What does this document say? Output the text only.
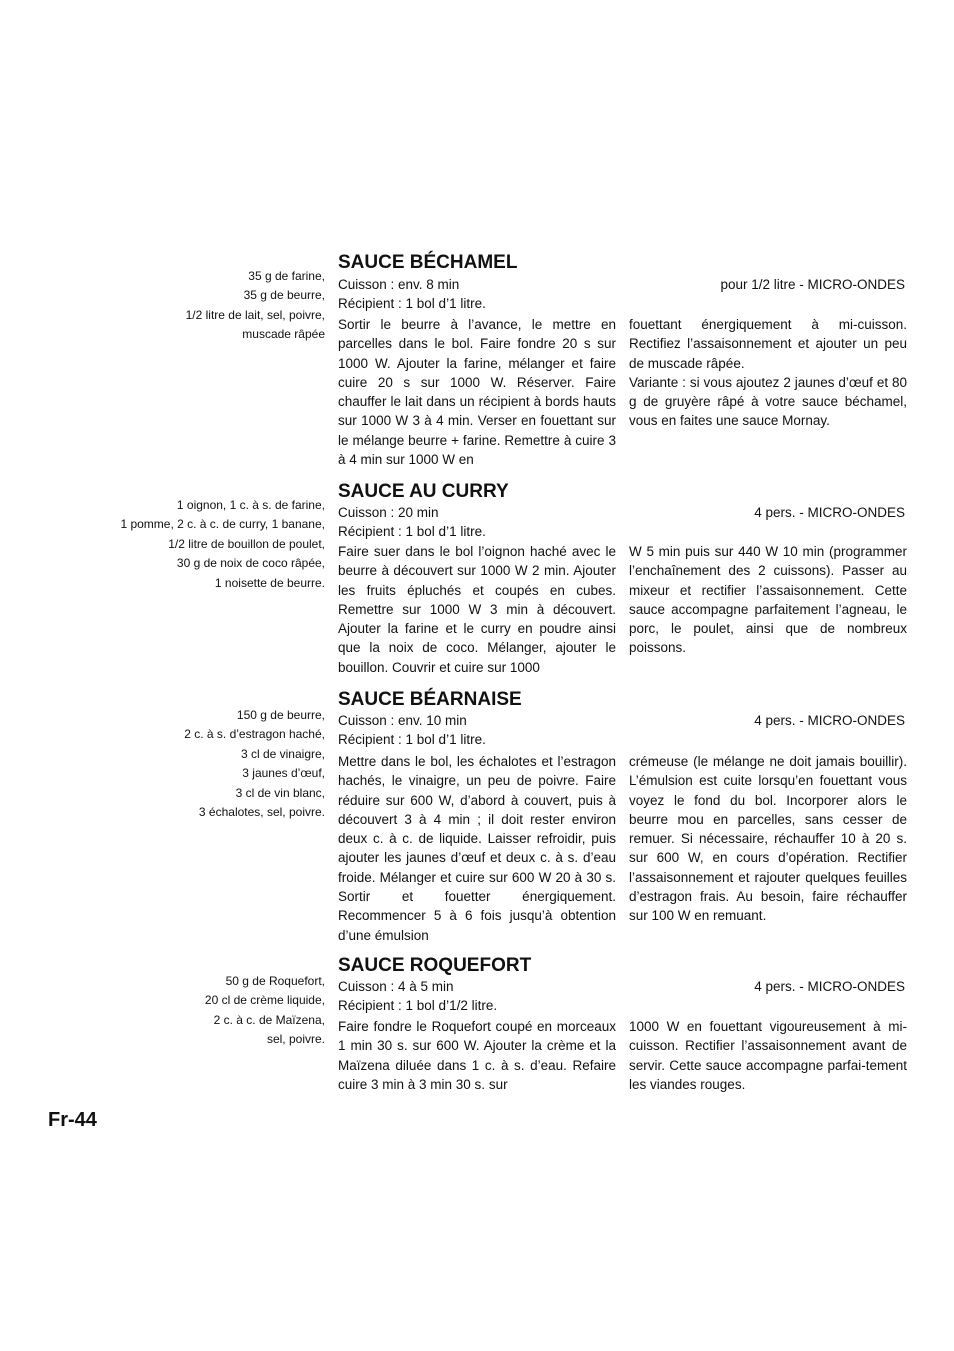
35 g de farine,
35 g de beurre,
1/2 litre de lait, sel, poivre,
muscade râpée
SAUCE BÉCHAMEL
Cuisson : env. 8 min	pour 1/2 litre - MICRO-ONDES
Récipient : 1 bol d’1 litre.

Sortir le beurre à l’avance, le mettre en parcelles dans le bol. Faire fondre 20 s sur 1000 W. Ajouter la farine, mélanger et faire cuire 20 s sur 1000 W. Réserver. Faire chauffer le lait dans un récipient à bords hauts sur 1000 W 3 à 4 min. Verser en fouettant sur le mélange beurre + farine. Remettre à cuire 3 à 4 min sur 1000 W en

fouettant énergiquement à mi-cuisson. Rectifiez l’assaisonnement et ajouter un peu de muscade râpée.

Variante : si vous ajoutez 2 jaunes d’œuf et 80 g de gruyère râpé à votre sauce béchamel, vous en faites une sauce Mornay.

1 oignon, 1 c. à s. de farine,
1 pomme, 2 c. à c. de curry, 1 banane,
1/2 litre de bouillon de poulet,
30 g de noix de coco râpée,
1 noisette de beurre.
SAUCE AU CURRY
Cuisson : 20 min	4 pers. - MICRO-ONDES
Récipient : 1 bol d’1 litre.

Faire suer dans le bol l’oignon haché avec le beurre à découvert sur 1000 W 2 min. Ajouter les fruits épluchés et coupés en cubes. Remettre sur 1000 W 3 min à découvert. Ajouter la farine et le curry en poudre ainsi que la noix de coco. Mélanger, ajouter le bouillon. Couvrir et cuire sur 1000

W 5 min puis sur 440 W 10 min (programmer l’enchaînement des 2 cuissons). Passer au mixeur et rectifier l’assaisonnement. Cette sauce accompagne parfaitement l’agneau, le porc, le poulet, ainsi que de nombreux poissons.

150 g de beurre,
2 c. à s. d’estragon haché,
3 cl de vinaigre,
3 jaunes d’œuf,
3 cl de vin blanc,
3 échalotes, sel, poivre.
SAUCE BÉARNAISE
Cuisson : env. 10 min	4 pers. - MICRO-ONDES
Récipient : 1 bol d’1 litre.

Mettre dans le bol, les échalotes et l’estragon hachés, le vinaigre, un peu de poivre. Faire réduire sur 600 W, d’abord à couvert, puis à découvert 3 à 4 min ; il doit rester environ deux c. à c. de liquide. Laisser refroidir, puis ajouter les jaunes d’œuf et deux c. à s. d’eau froide. Mélanger et cuire sur 600 W 20 à 30 s. Sortir et fouetter énergiquement. Recommencer 5 à 6 fois jusqu’à obtention d’une émulsion

crémeuse (le mélange ne doit jamais bouillir). L’émulsion est cuite lorsqu’en fouettant vous voyez le fond du bol. Incorporer alors le beurre mou en parcelles, sans cesser de remuer. Si nécessaire, réchauffer 10 à 20 s. sur 600 W, en cours d’opération. Rectifier l’assaisonnement et rajouter quelques feuilles d’estragon frais. Au besoin, faire réchauffer sur 100 W en remuant.

50 g de Roquefort,
20 cl de crème liquide,
2 c. à c. de Maïzena,
sel, poivre.
SAUCE ROQUEFORT
Cuisson : 4 à 5 min	4 pers. - MICRO-ONDES
Récipient : 1 bol d’1/2 litre.

Faire fondre le Roquefort coupé en morceaux 1 min 30 s. sur 600 W. Ajouter la crème et la Maïzena diluée dans 1 c. à s. d’eau. Refaire cuire 3 min à 3 min 30 s. sur

1000 W en fouettant vigoureusement à mi-cuisson. Rectifier l’assaisonnement avant de servir. Cette sauce accompagne parfai-tement les viandes rouges.

Fr-44
